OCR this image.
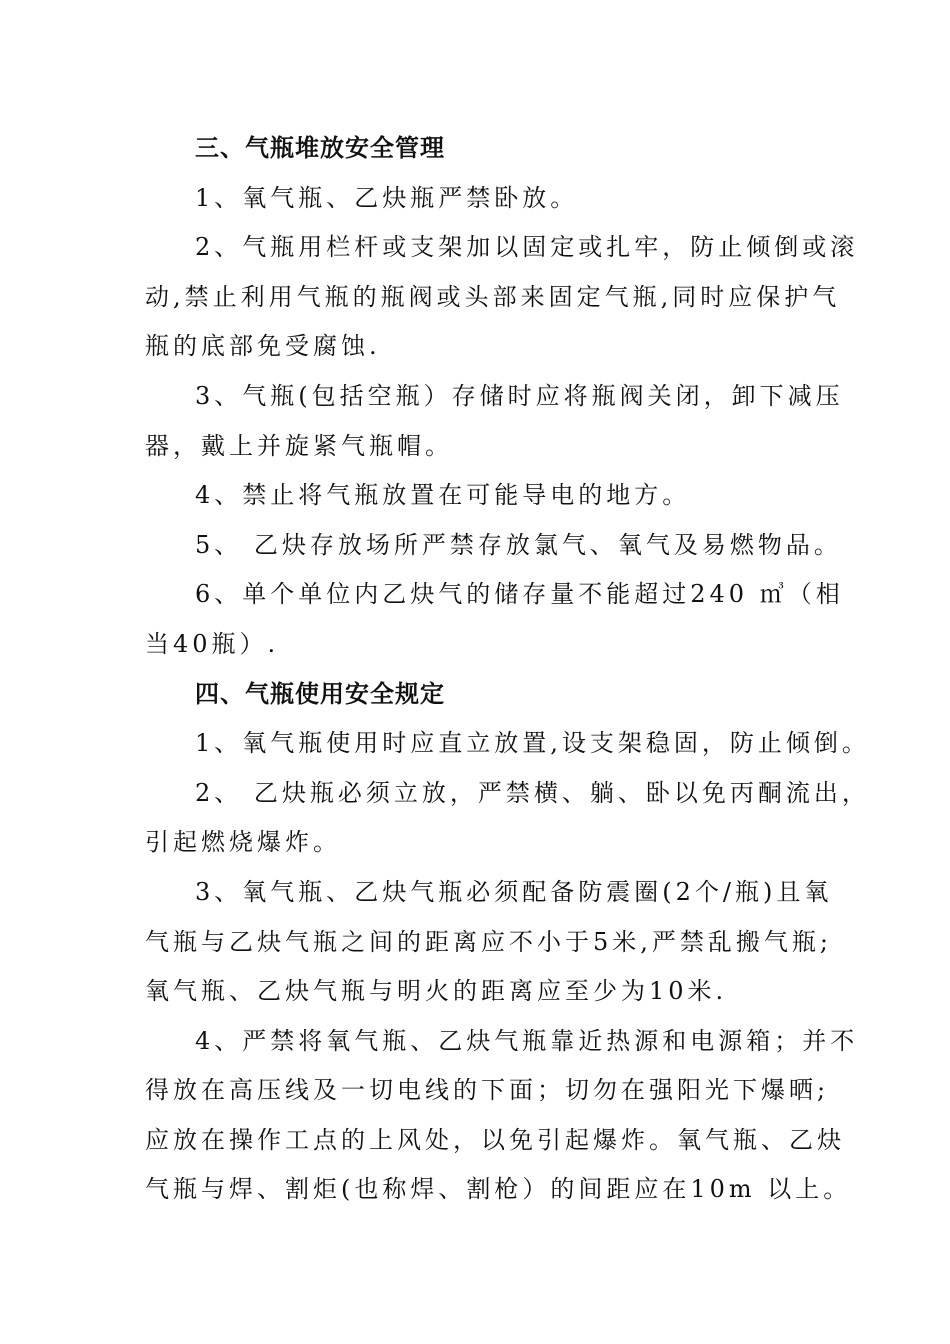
三、气瓶堆放安全管理
1、氧气瓶、乙炔瓶严禁卧放。
2、气瓶用栏杆或支架加以固定或扎牢，防止倾倒或滚
动,禁止利用气瓶的瓶阀或头部来固定气瓶,同时应保护气
瓶的底部免受腐蚀.
3、气瓶(包括空瓶）存储时应将瓶阀关闭，卸下减压
器，戴上并旋紧气瓶帽。
4、禁止将气瓶放置在可能导电的地方。
5、 乙炔存放场所严禁存放氯气、氧气及易燃物品。
6、单个单位内乙炔气的储存量不能超过240 ㎥（相
当40瓶）.
四、气瓶使用安全规定
1、氧气瓶使用时应直立放置,设支架稳固，防止倾倒。
2、 乙炔瓶必须立放，严禁横、躺、卧以免丙酮流出，
引起燃烧爆炸。
3、氧气瓶、乙炔气瓶必须配备防震圈(2个/瓶)且氧
气瓶与乙炔气瓶之间的距离应不小于5米,严禁乱搬气瓶;
氧气瓶、乙炔气瓶与明火的距离应至少为10米.
4、严禁将氧气瓶、乙炔气瓶靠近热源和电源箱；并不
得放在高压线及一切电线的下面；切勿在强阳光下爆晒;
应放在操作工点的上风处，以免引起爆炸。氧气瓶、乙炔
气瓶与焊、割炬(也称焊、割枪）的间距应在10m 以上。
